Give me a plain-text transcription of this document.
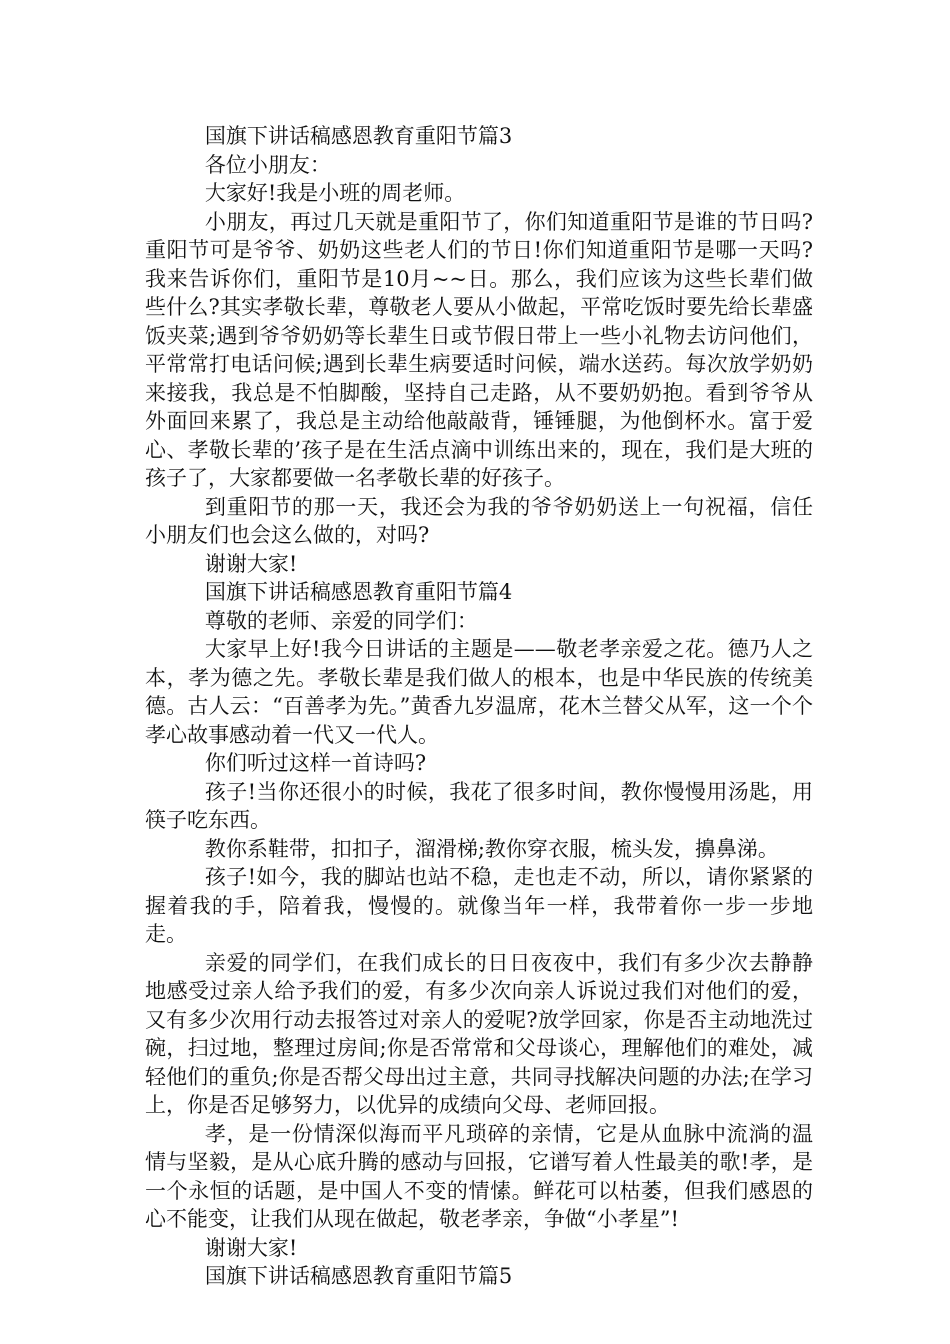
国旗下讲话稿感恩教育重阳节篇3

各位小朋友：

大家好!我是小班的周老师。

小朋友，再过几天就是重阳节了，你们知道重阳节是谁的节日吗?重阳节可是爷爷、奶奶这些老人们的节日!你们知道重阳节是哪一天吗?我来告诉你们，重阳节是10月~~日。那么，我们应该为这些长辈们做些什么?其实孝敬长辈，尊敬老人要从小做起，平常吃饭时要先给长辈盛饭夹菜;遇到爷爷奶奶等长辈生日或节假日带上一些小礼物去访问他们，平常常打电话问候;遇到长辈生病要适时问候，端水送药。每次放学奶奶来接我，我总是不怕脚酸，坚持自己走路，从不要奶奶抱。看到爷爷从外面回来累了，我总是主动给他敲敲背，锤锤腿，为他倒杯水。富于爱心、孝敬长辈的’孩子是在生活点滴中训练出来的，现在，我们是大班的孩子了，大家都要做一名孝敬长辈的好孩子。

到重阳节的那一天，我还会为我的爷爷奶奶送上一句祝福，信任小朋友们也会这么做的，对吗?

谢谢大家!

国旗下讲话稿感恩教育重阳节篇4

尊敬的老师、亲爱的同学们：

大家早上好!我今日讲话的主题是——敬老孝亲爱之花。德乃人之本，孝为德之先。孝敬长辈是我们做人的根本，也是中华民族的传统美德。古人云：“百善孝为先。”黄香九岁温席，花木兰替父从军，这一个个孝心故事感动着一代又一代人。

你们听过这样一首诗吗?

孩子!当你还很小的时候，我花了很多时间，教你慢慢用汤匙，用筷子吃东西。

教你系鞋带，扣扣子，溜滑梯;教你穿衣服，梳头发，擤鼻涕。

孩子!如今，我的脚站也站不稳，走也走不动，所以，请你紧紧的握着我的手，陪着我，慢慢的。就像当年一样，我带着你一步一步地走。

亲爱的同学们，在我们成长的日日夜夜中，我们有多少次去静静地感受过亲人给予我们的爱，有多少次向亲人诉说过我们对他们的爱，又有多少次用行动去报答过对亲人的爱呢?放学回家，你是否主动地洗过碗，扫过地，整理过房间;你是否常常和父母谈心，理解他们的难处，减轻他们的重负;你是否帮父母出过主意，共同寻找解决问题的办法;在学习上，你是否足够努力，以优异的成绩向父母、老师回报。

孝，是一份情深似海而平凡琐碎的亲情，它是从血脉中流淌的温情与坚毅，是从心底升腾的感动与回报，它谱写着人性最美的歌!孝，是一个永恒的话题，是中国人不变的情愫。鲜花可以枯萎，但我们感恩的心不能变，让我们从现在做起，敬老孝亲，争做“小孝星”!

谢谢大家!

国旗下讲话稿感恩教育重阳节篇5
